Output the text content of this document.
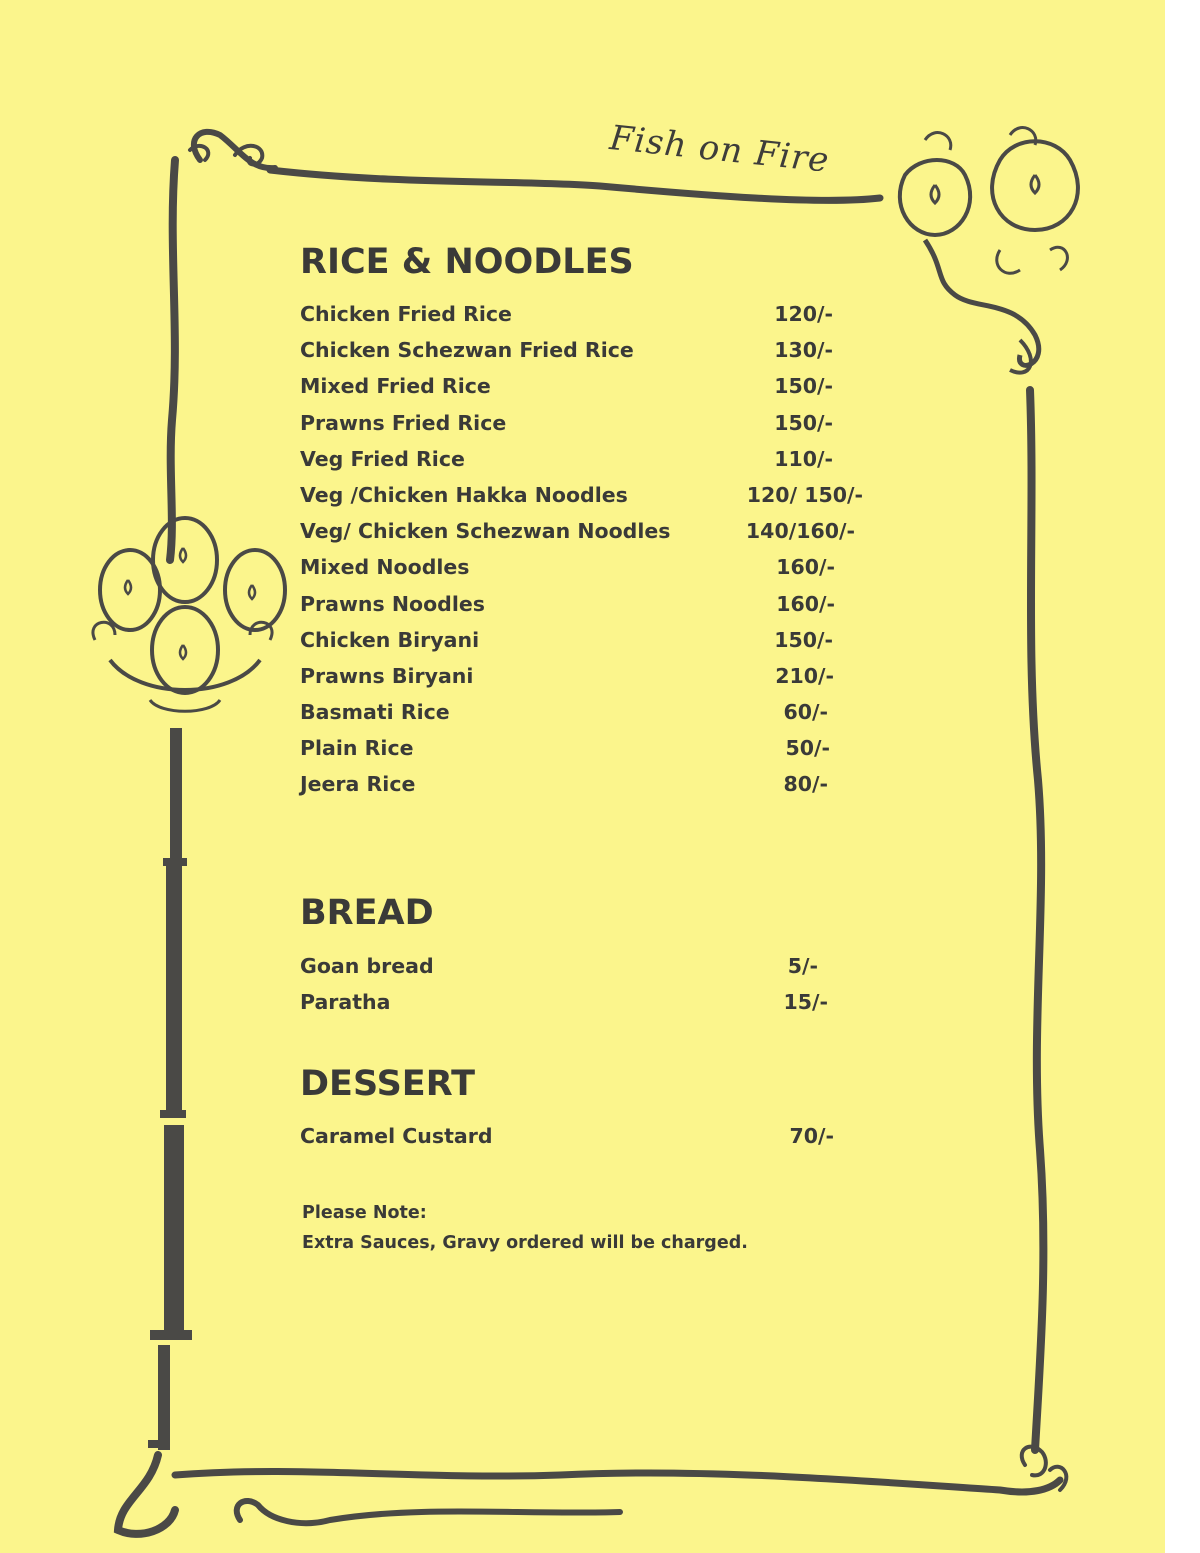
Fish on Fire
RICE & NOODLES
Chicken Fried Rice	120/-
Chicken Schezwan Fried Rice	130/-
Mixed Fried Rice	150/-
Prawns Fried Rice	150/-
Veg Fried Rice	110/-
Veg /Chicken Hakka Noodles	120/ 150/-
Veg/ Chicken Schezwan Noodles	140/160/-
Mixed Noodles	160/-
Prawns Noodles	160/-
Chicken Biryani	150/-
Prawns Biryani	210/-
Basmati Rice	60/-
Plain Rice	50/-
Jeera Rice	80/-
BREAD
Goan bread	5/-
Paratha	15/-
DESSERT
Caramel Custard	70/-
Please Note:
Extra Sauces, Gravy ordered will be charged.
